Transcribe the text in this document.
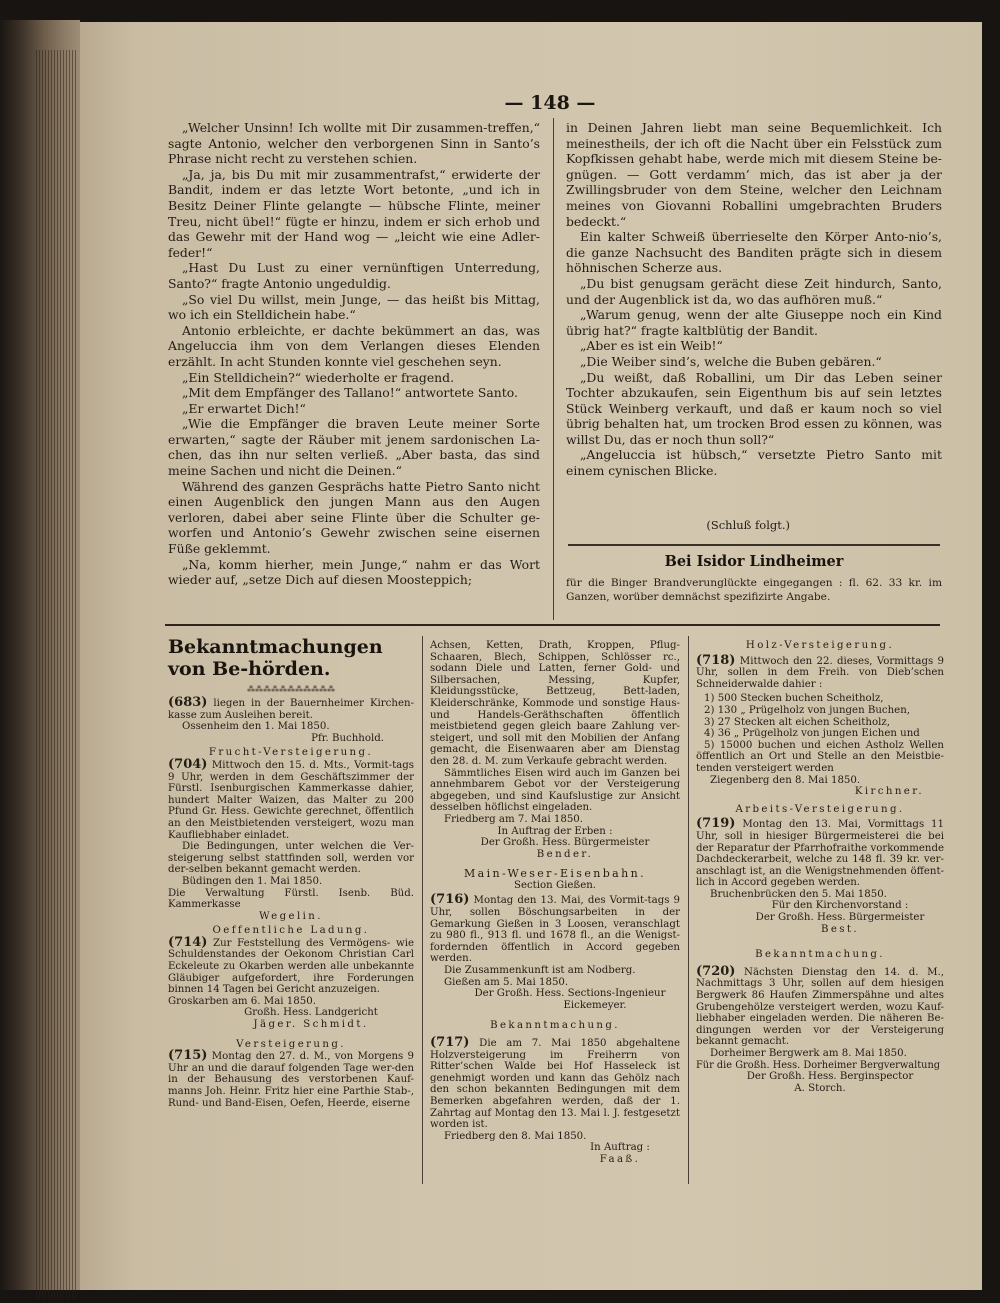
— 148 —

„Welcher Unsinn! Ich wollte mit Dir zusammen-treffen,“ sagte Antonio, welcher den verborgenen Sinn in Santo’s Phrase nicht recht zu verstehen schien.

„Ja, ja, bis Du mit mir zusammentrafst,“ erwiderte der Bandit, indem er das letzte Wort betonte, „und ich in Besitz Deiner Flinte gelangte — hübsche Flinte, meiner Treu, nicht übel!“ fügte er hinzu, indem er sich erhob und das Gewehr mit der Hand wog — „leicht wie eine Adler-feder!“

„Hast Du Lust zu einer vernünftigen Unterredung, Santo?“ fragte Antonio ungeduldig.

„So viel Du willst, mein Junge, — das heißt bis Mittag, wo ich ein Stelldichein habe.“

Antonio erbleichte, er dachte bekümmert an das, was Angeluccia ihm von dem Verlangen dieses Elenden erzählt. In acht Stunden konnte viel geschehen seyn.

„Ein Stelldichein?“ wiederholte er fragend.

„Mit dem Empfänger des Tallano!“ antwortete Santo.

„Er erwartet Dich!“

„Wie die Empfänger die braven Leute meiner Sorte erwarten,“ sagte der Räuber mit jenem sardonischen La-chen, das ihn nur selten verließ. „Aber basta, das sind meine Sachen und nicht die Deinen.“

Während des ganzen Gesprächs hatte Pietro Santo nicht einen Augenblick den jungen Mann aus den Augen verloren, dabei aber seine Flinte über die Schulter ge-worfen und Antonio’s Gewehr zwischen seine eisernen Füße geklemmt.

„Na, komm hierher, mein Junge,“ nahm er das Wort wieder auf, „setze Dich auf diesen Moosteppich;

in Deinen Jahren liebt man seine Bequemlichkeit. Ich meinestheils, der ich oft die Nacht über ein Felsstück zum Kopfkissen gehabt habe, werde mich mit diesem Steine be-gnügen. — Gott verdamm’ mich, das ist aber ja der Zwillingsbruder von dem Steine, welcher den Leichnam meines von Giovanni Roballini umgebrachten Bruders bedeckt.“

Ein kalter Schweiß überrieselte den Körper Anto-nio’s, die ganze Nachsucht des Banditen prägte sich in diesem höhnischen Scherze aus.

„Du bist genugsam gerächt diese Zeit hindurch, Santo, und der Augenblick ist da, wo das aufhören muß.“

„Warum genug, wenn der alte Giuseppe noch ein Kind übrig hat?“ fragte kaltblütig der Bandit.

„Aber es ist ein Weib!“

„Die Weiber sind’s, welche die Buben gebären.“

„Du weißt, daß Roballini, um Dir das Leben seiner Tochter abzukaufen, sein Eigenthum bis auf sein letztes Stück Weinberg verkauft, und daß er kaum noch so viel übrig behalten hat, um trocken Brod essen zu können, was willst Du, das er noch thun soll?“

„Angeluccia ist hübsch,“ versetzte Pietro Santo mit einem cynischen Blicke.

(Schluß folgt.)
Bei Isidor Lindheimer
für die Binger Brandverunglückte eingegangen : fl. 62. 33 kr. im Ganzen, worüber demnächst spezifizirte Angabe.
Bekanntmachungen von Be-hörden.
⁂⁂⁂⁂⁂⁂⁂⁂⁂⁂⁂
(683) liegen in der Bauernheimer Kirchen-kasse zum Ausleihen bereit.
Ossenheim den 1. Mai 1850.
Pfr. Buchhold.
Frucht-Versteigerung.
(704) Mittwoch den 15. d. Mts., Vormit-tags 9 Uhr, werden in dem Geschäftszimmer der Fürstl. Isenburgischen Kammerkasse dahier, hundert Malter Waizen, das Malter zu 200 Pfund Gr. Hess. Gewichte gerechnet, öffentlich an den Meistbietenden versteigert, wozu man Kaufliebhaber einladet.
Die Bedingungen, unter welchen die Ver-steigerung selbst stattfinden soll, werden vor der-selben bekannt gemacht werden.
Büdingen den 1. Mai 1850.
Die Verwaltung Fürstl. Isenb. Büd. Kammerkasse
Wegelin.
Oeffentliche Ladung.
(714) Zur Feststellung des Vermögens- wie Schuldenstandes der Oekonom Christian Carl Eckeleute zu Okarben werden alle unbekannte Gläubiger aufgefordert, ihre Forderungen binnen 14 Tagen bei Gericht anzuzeigen.
Groskarben am 6. Mai 1850.
Großh. Hess. Landgericht
Jäger. Schmidt.
Versteigerung.
(715) Montag den 27. d. M., von Morgens 9 Uhr an und die darauf folgenden Tage wer-den in der Behausung des verstorbenen Kauf-manns Joh. Heinr. Fritz hier eine Parthie Stab-, Rund- und Band-Eisen, Oefen, Heerde, eiserne
Achsen, Ketten, Drath, Kroppen, Pflug-Schaaren, Blech, Schippen, Schlösser rc., sodann Diele und Latten, ferner Gold- und Silbersachen, Messing, Kupfer, Kleidungsstücke, Bettzeug, Bett-laden, Kleiderschränke, Kommode und sonstige Haus- und Handels-Geräthschaften öffentlich meistbietend gegen gleich baare Zahlung ver-steigert, und soll mit den Mobilien der Anfang gemacht, die Eisenwaaren aber am Dienstag den 28. d. M. zum Verkaufe gebracht werden.
Sämmtliches Eisen wird auch im Ganzen bei annehmbarem Gebot vor der Versteigerung abgegeben, und sind Kaufslustige zur Ansicht desselben höflichst eingeladen.
Friedberg am 7. Mai 1850.
In Auftrag der Erben :
Der Großh. Hess. Bürgermeister
Bender.
Main-Weser-Eisenbahn.
Section Gießen.
(716) Montag den 13. Mai, des Vormit-tags 9 Uhr, sollen Böschungsarbeiten in der Gemarkung Gießen in 3 Loosen, veranschlagt zu 980 fl., 913 fl. und 1678 fl., an die Wenigst-fordernden öffentlich in Accord gegeben werden.
Die Zusammenkunft ist am Nodberg.
Gießen am 5. Mai 1850.
Der Großh. Hess. Sections-Ingenieur
Eickemeyer.
Bekanntmachung.
(717) Die am 7. Mai 1850 abgehaltene Holzversteigerung im Freiherrn von Ritter’schen Walde bei Hof Hasseleck ist genehmigt worden und kann das Gehölz nach den schon bekannten Bedingungen mit dem Bemerken abgefahren werden, daß der 1. Zahrtag auf Montag den 13. Mai l. J. festgesetzt worden ist.
Friedberg den 8. Mai 1850.
In Auftrag :
Faaß.
Holz-Versteigerung.
(718) Mittwoch den 22. dieses, Vormittags 9 Uhr, sollen in dem Freih. von Dieb’schen Schneiderwalde dahier :
1) 500 Stecken buchen Scheitholz,
2) 130 „ Prügelholz von jungen Buchen,
3) 27 Stecken alt eichen Scheitholz,
4) 36 „ Prügelholz von jungen Eichen und
5) 15000 buchen und eichen Astholz Wellen öffentlich an Ort und Stelle an den Meistbie-tenden versteigert werden
Ziegenberg den 8. Mai 1850.
Kirchner.
Arbeits-Versteigerung.
(719) Montag den 13. Mai, Vormittags 11 Uhr, soll in hiesiger Bürgermeisterei die bei der Reparatur der Pfarrhofraithe vorkommende Dachdeckerarbeit, welche zu 148 fl. 39 kr. ver-anschlagt ist, an die Wenigstnehmenden öffent-lich in Accord gegeben werden.
Bruchenbrücken den 5. Mai 1850.
Für den Kirchenvorstand :
Der Großh. Hess. Bürgermeister
Best.
Bekanntmachung.
(720) Nächsten Dienstag den 14. d. M., Nachmittags 3 Uhr, sollen auf dem hiesigen Bergwerk 86 Haufen Zimmerspähne und altes Grubengehölze versteigert werden, wozu Kauf-liebhaber eingeladen werden. Die näheren Be-dingungen werden vor der Versteigerung bekannt gemacht.
Dorheimer Bergwerk am 8. Mai 1850.
Für die Großh. Hess. Dorheimer Bergverwaltung
Der Großh. Hess. Berginspector
A. Storch.
